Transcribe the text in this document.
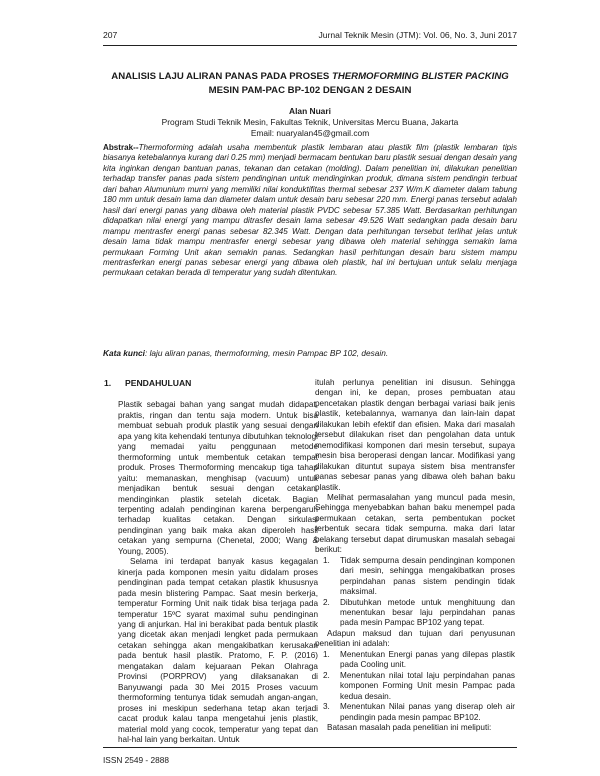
207	Jurnal Teknik Mesin (JTM): Vol. 06, No. 3, Juni 2017
ANALISIS LAJU ALIRAN PANAS PADA PROSES THERMOFORMING BLISTER PACKING MESIN PAM-PAC BP-102 DENGAN 2 DESAIN
Alan Nuari
Program Studi Teknik Mesin, Fakultas Teknik, Universitas Mercu Buana, Jakarta
Email: nuaryalan45@gmail.com
Abstrak--Thermoforming adalah usaha membentuk plastik lembaran atau plastik film (plastik lembaran tipis biasanya ketebalannya kurang dari 0.25 mm) menjadi bermacam bentukan baru plastik sesuai dengan desain yang kita inginkan dengan bantuan panas, tekanan dan cetakan (molding). Dalam penelitian ini, dilakukan penelitian terhadap transfer panas pada sistem pendinginan untuk mendinginkan produk, dimana sistem pendingin terbuat dari bahan Alumunium murni yang memiliki nilai konduktifitas thermal sebesar 237 W/m.K diameter dalam tabung 180 mm untuk desain lama dan diameter dalam untuk desain baru sebesar 220 mm. Energi panas tersebut adalah hasil dari energi panas yang dibawa oleh material plastik PVDC sebesar 57.385 Watt. Berdasarkan perhitungan didapatkan nilai energi yang mampu ditrasfer desain lama sebesar 49.526 Watt sedangkan pada desain baru mampu mentrasfer energi panas sebesar 82.345 Watt. Dengan data perhitungan tersebut terlihat jelas untuk desain lama tidak mampu mentrasfer energi sebesar yang dibawa oleh material sehingga semakin lama permukaan Forming Unit akan semakin panas. Sedangkan hasil perhitungan desain baru sistem mampu mentrasferkan energi panas sebesar energi yang dibawa oleh plastik, hal ini bertujuan untuk selalu menjaga permukaan cetakan berada di temperatur yang sudah ditentukan.
Kata kunci: laju aliran panas, thermoforming, mesin Pampac BP 102, desain.
1. PENDAHULUAN

Plastik sebagai bahan yang sangat mudah didapat, praktis, ringan dan tentu saja modern. Untuk bisa membuat sebuah produk plastik yang sesuai dengan apa yang kita kehendaki tentunya dibutuhkan teknologi yang memadai yaitu penggunaan metode thermoforming untuk membentuk cetakan tempat produk. Proses Thermoforming mencakup tiga tahap yaitu: memanaskan, menghisap (vacuum) untuk menjadikan bentuk sesuai dengan cetakan, mendinginkan plastik setelah dicetak. Bagian terpenting adalah pendinginan karena berpengaruh terhadap kualitas cetakan. Dengan sirkulasi pendinginan yang baik maka akan diperoleh hasil cetakan yang sempurna (Chenetal, 2000; Wang & Young, 2005).

Selama ini terdapat banyak kasus kegagalan kinerja pada komponen mesin yaitu didalam proses pendinginan pada tempat cetakan plastik khususnya pada mesin blistering Pampac. Saat mesin berkerja, temperatur Forming Unit naik tidak bisa terjaga pada temperatur 15ºC syarat maximal suhu pendinginan yang di anjurkan. Hal ini berakibat pada bentuk plastik yang dicetak akan menjadi lengket pada permukaan cetakan sehingga akan mengakibatkan kerusakan pada bentuk hasil plastik. Pratomo, F. P. (2016) mengatakan dalam kejuaraan Pekan Olahraga Provinsi (PORPROV) yang dilaksanakan di Banyuwangi pada 30 Mei 2015 Proses vacuum thermoforming tentunya tidak semudah angan-angan, proses ini meskipun sederhana tetap akan terjadi cacat produk kalau tanpa mengetahui jenis plastik, material mold yang cocok, temperatur yang tepat dan hal-hal lain yang berkaitan. Untuk

itulah perlunya penelitian ini disusun. Sehingga dengan ini, ke depan, proses pembuatan atau pencetakan plastik dengan berbagai variasi baik jenis plastik, ketebalannya, warnanya dan lain-lain dapat dilakukan lebih efektif dan efisien. Maka dari masalah tersebut dilakukan riset dan pengolahan data untuk memodifikasi komponen dari mesin tersebut, supaya mesin bisa beroperasi dengan lancar. Modifikasi yang dilakukan dituntut supaya sistem bisa mentransfer panas sebesar panas yang dibawa oleh bahan baku plastik.

Melihat permasalahan yang muncul pada mesin, Sehingga menyebabkan bahan baku menempel pada permukaan cetakan, serta pembentukan pocket terbentuk secara tidak sempurna. maka dari latar belakang tersebut dapat dirumuskan masalah sebagai berikut:

1.	Tidak sempurna desain pendinginan komponen dari mesin, sehingga mengakibatkan proses perpindahan panas sistem pendingin tidak maksimal.
2.	Dibutuhkan metode untuk menghituung dan menentukan besar laju perpindahan panas pada mesin Pampac BP102 yang tepat.

Adapun maksud dan tujuan dari penyusunan penelitian ini adalah:

1.	Menentukan Energi panas yang dilepas plastik pada Cooling unit.
2.	Menentukan nilai total laju perpindahan panas komponen Forming Unit mesin Pampac pada kedua desain.
3.	Menentukan Nilai panas yang diserap oleh air pendingin pada mesin pampac BP102.

Batasan masalah pada penelitian ini meliputi:

ISSN 2549 - 2888
